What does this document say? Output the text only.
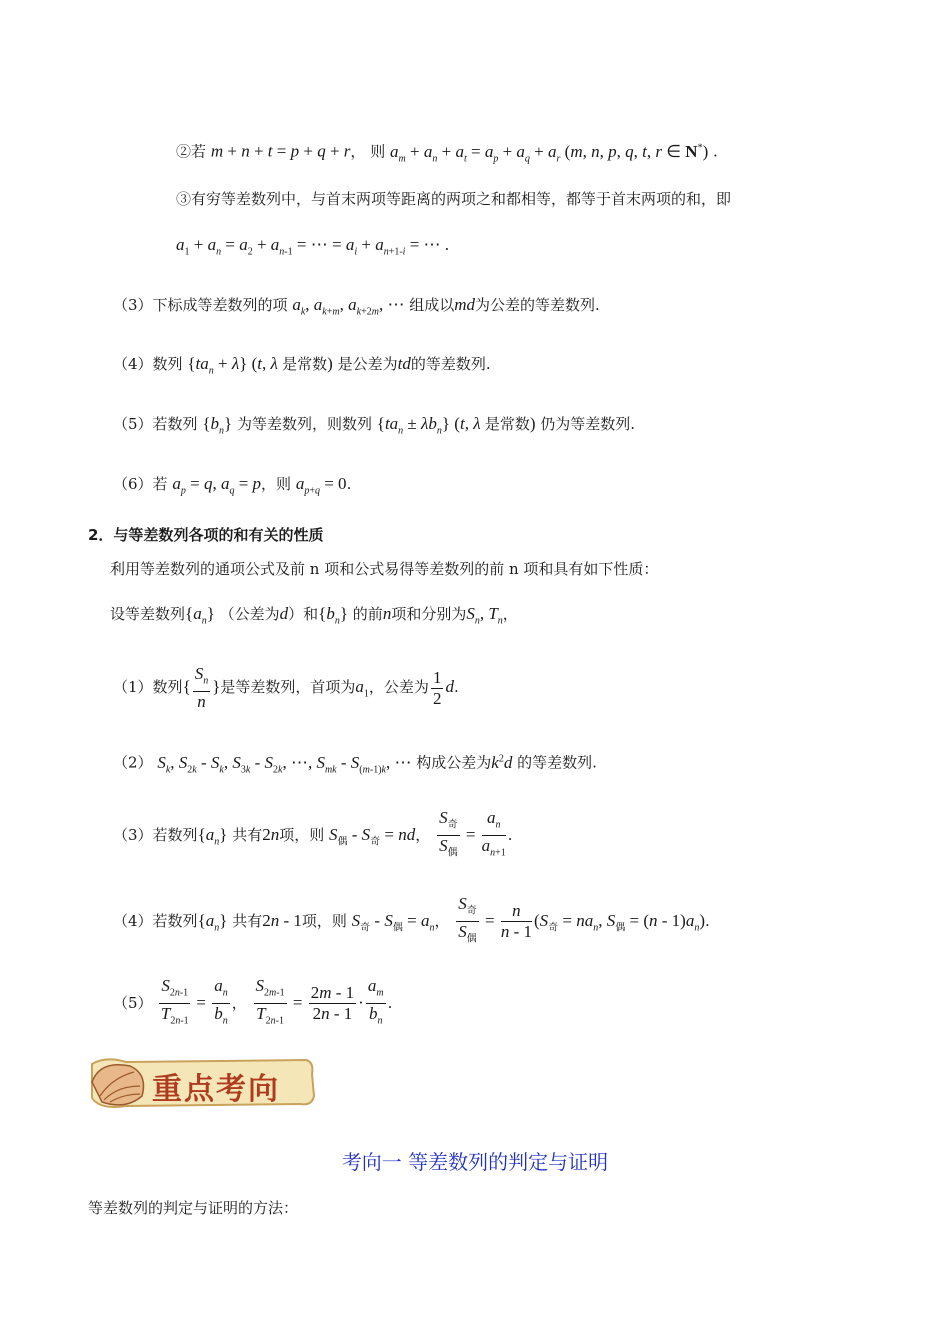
②若 m + n + t = p + q + r， 则 $a_m + a_n + a_t = a_p + a_q + a_r$ (m, n, p, q, t, r ∈ N*) .
③有穷等差数列中，与首末两项等距离的两项之和都相等，都等于首末两项的和，即
$a_1 + a_n = a_2 + a_{n-1}$ = ⋯ = $a_i + a_{n+1-i}$ = ⋯ .
（3）下标成等差数列的项 $a_k$, $a_{k+m}$, $a_{k+2m}$, ⋯ 组成以md为公差的等差数列.
（4）数列 $\{ta_n + \lambda\}$ (t, λ 是常数) 是公差为td的等差数列.
（5）若数列 $\{b_n\}$ 为等差数列，则数列 $\{ta_n \pm \lambda b_n\}$ (t, λ 是常数) 仍为等差数列.
（6）若 $a_p = q$, $a_q = p$，则 $a_{p+q} = 0$.
2．与等差数列各项的和有关的性质
利用等差数列的通项公式及前 n 项和公式易得等差数列的前 n 项和具有如下性质：
设等差数列$\{a_n\}$ （公差为d）和$\{b_n\}$ 的前n项和分别为$S_n$, $T_n$，
（1）数列{ $\frac{S_n}{n}$ }是等差数列，首项为$a_1$，公差为 $\frac{1}{2} d$.
（2） $S_k$, $S_{2k} - S_k$, $S_{3k} - S_{2k}$, ⋯, $S_{mk} - S_{(m-1)k}$, ⋯ 构成公差为$k^2d$ 的等差数列.
（3）若数列$\{a_n\}$ 共有2n项，则 $S_偶 - S_奇$ = nd， $\frac{S_奇}{S_偶} = \frac{a_n}{a_{n+1}}$ .
（4）若数列$\{a_n\}$ 共有2n - 1项，则 $S_奇 - S_偶 = a_n$， $\frac{S_奇}{S_偶} = \frac{n}{n - 1} (S_奇 = na_n$, $S_偶 = (n - 1)a_n$).
$(5) \frac{S_{2n-1}}{T_{2n-1}} = \frac{a_n}{b_n}$ ， $\frac{S_{2m-1}}{T_{2n-1}} = \frac{2m - 1}{2n - 1} \cdot \frac{a_m}{b_n}$ .
重点考向
考向一 等差数列的判定与证明
等差数列的判定与证明的方法：
